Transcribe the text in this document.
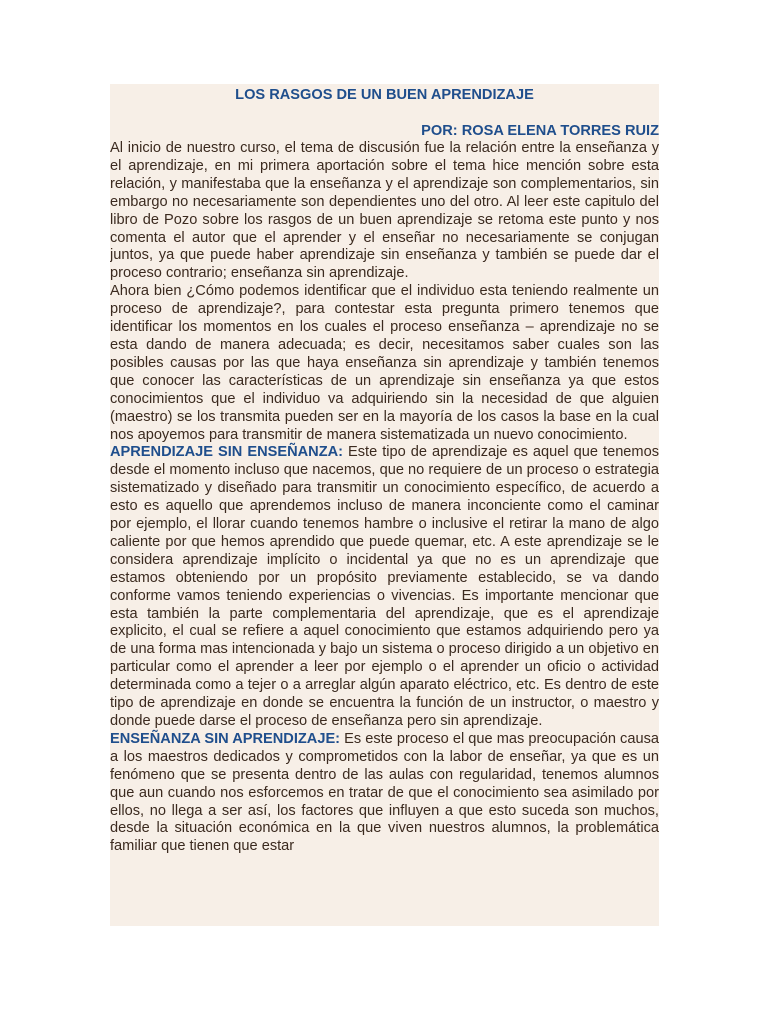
LOS RASGOS DE UN BUEN APRENDIZAJE
POR: ROSA ELENA TORRES RUIZ

Al inicio de nuestro curso, el tema de discusión fue la relación entre la enseñanza y el aprendizaje, en mi primera aportación sobre el tema hice mención sobre esta relación, y manifestaba que la enseñanza y el aprendizaje son complementarios, sin embargo no necesariamente son dependientes uno del otro. Al leer este capitulo del libro de Pozo sobre los rasgos de un buen aprendizaje se retoma este punto y nos comenta el autor que el aprender y el enseñar no necesariamente se conjugan juntos, ya que puede haber aprendizaje sin enseñanza y también se puede dar el proceso contrario; enseñanza sin aprendizaje.

Ahora bien ¿Cómo podemos identificar que el individuo esta teniendo realmente un proceso de aprendizaje?, para contestar esta pregunta primero tenemos que identificar los momentos en los cuales el proceso enseñanza – aprendizaje no se esta dando de manera adecuada; es decir, necesitamos saber cuales son las posibles causas por las que haya enseñanza sin aprendizaje y también tenemos que conocer las características de un aprendizaje sin enseñanza ya que estos conocimientos que el individuo va adquiriendo sin la necesidad de que alguien (maestro) se los transmita pueden ser en la mayoría de los casos la base en la cual nos apoyemos para transmitir de manera sistematizada un nuevo conocimiento.

APRENDIZAJE SIN ENSEÑANZA: Este tipo de aprendizaje es aquel que tenemos desde el momento incluso que nacemos, que no requiere de un proceso o estrategia sistematizado y diseñado para transmitir un conocimiento específico, de acuerdo a esto es aquello que aprendemos incluso de manera inconciente como el caminar por ejemplo, el llorar cuando tenemos hambre o inclusive el retirar la mano de algo caliente por que hemos aprendido que puede quemar, etc. A este aprendizaje se le considera aprendizaje implícito o incidental ya que no es un aprendizaje que estamos obteniendo por un propósito previamente establecido, se va dando conforme vamos teniendo experiencias o vivencias. Es importante mencionar que esta también la parte complementaria del aprendizaje, que es el aprendizaje explicito, el cual se refiere a aquel conocimiento que estamos adquiriendo pero ya de una forma mas intencionada y bajo un sistema o proceso dirigido a un objetivo en particular como el aprender a leer por ejemplo o el aprender un oficio o actividad determinada como a tejer o a arreglar algún aparato eléctrico, etc. Es dentro de este tipo de aprendizaje en donde se encuentra la función de un instructor, o maestro y donde puede darse el proceso de enseñanza pero sin aprendizaje.

ENSEÑANZA SIN APRENDIZAJE: Es este proceso el que mas preocupación causa a los maestros dedicados y comprometidos con la labor de enseñar, ya que es un fenómeno que se presenta dentro de las aulas con regularidad, tenemos alumnos que aun cuando nos esforcemos en tratar de que el conocimiento sea asimilado por ellos, no llega a ser así, los factores que influyen a que esto suceda son muchos, desde la situación económica en la que viven nuestros alumnos, la problemática familiar que tienen que estar
